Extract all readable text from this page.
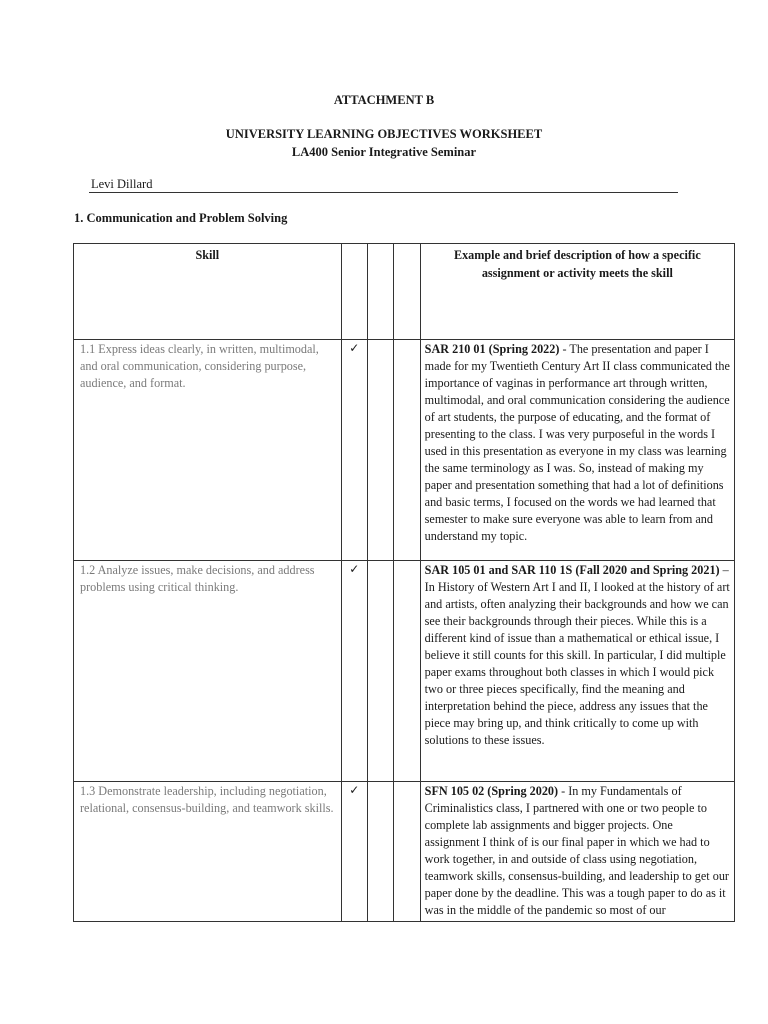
ATTACHMENT B
UNIVERSITY LEARNING OBJECTIVES WORKSHEET
LA400 Senior Integrative Seminar
Levi Dillard
1. Communication and Problem Solving
Skill				Example and brief description of how a specific assignment or activity meets the skill
1.1 Express ideas clearly, in written, multimodal, and oral communication, considering purpose, audience, and format.	✓			SAR 210 01 (Spring 2022) - The presentation and paper I made for my Twentieth Century Art II class communicated the importance of vaginas in performance art through written, multimodal, and oral communication considering the audience of art students, the purpose of educating, and the format of presenting to the class. I was very purposeful in the words I used in this presentation as everyone in my class was learning the same terminology as I was. So, instead of making my paper and presentation something that had a lot of definitions and basic terms, I focused on the words we had learned that semester to make sure everyone was able to learn from and understand my topic.
1.2 Analyze issues, make decisions, and address problems using critical thinking.	✓			SAR 105 01 and SAR 110 1S (Fall 2020 and Spring 2021) – In History of Western Art I and II, I looked at the history of art and artists, often analyzing their backgrounds and how we can see their backgrounds through their pieces. While this is a different kind of issue than a mathematical or ethical issue, I believe it still counts for this skill. In particular, I did multiple paper exams throughout both classes in which I would pick two or three pieces specifically, find the meaning and interpretation behind the piece, address any issues that the piece may bring up, and think critically to come up with solutions to these issues.
1.3 Demonstrate leadership, including negotiation, relational, consensus-building, and teamwork skills.	✓			SFN 105 02 (Spring 2020) - In my Fundamentals of Criminalistics class, I partnered with one or two people to complete lab assignments and bigger projects. One assignment I think of is our final paper in which we had to work together, in and outside of class using negotiation, teamwork skills, consensus-building, and leadership to get our paper done by the deadline. This was a tough paper to do as it was in the middle of the pandemic so most of our
